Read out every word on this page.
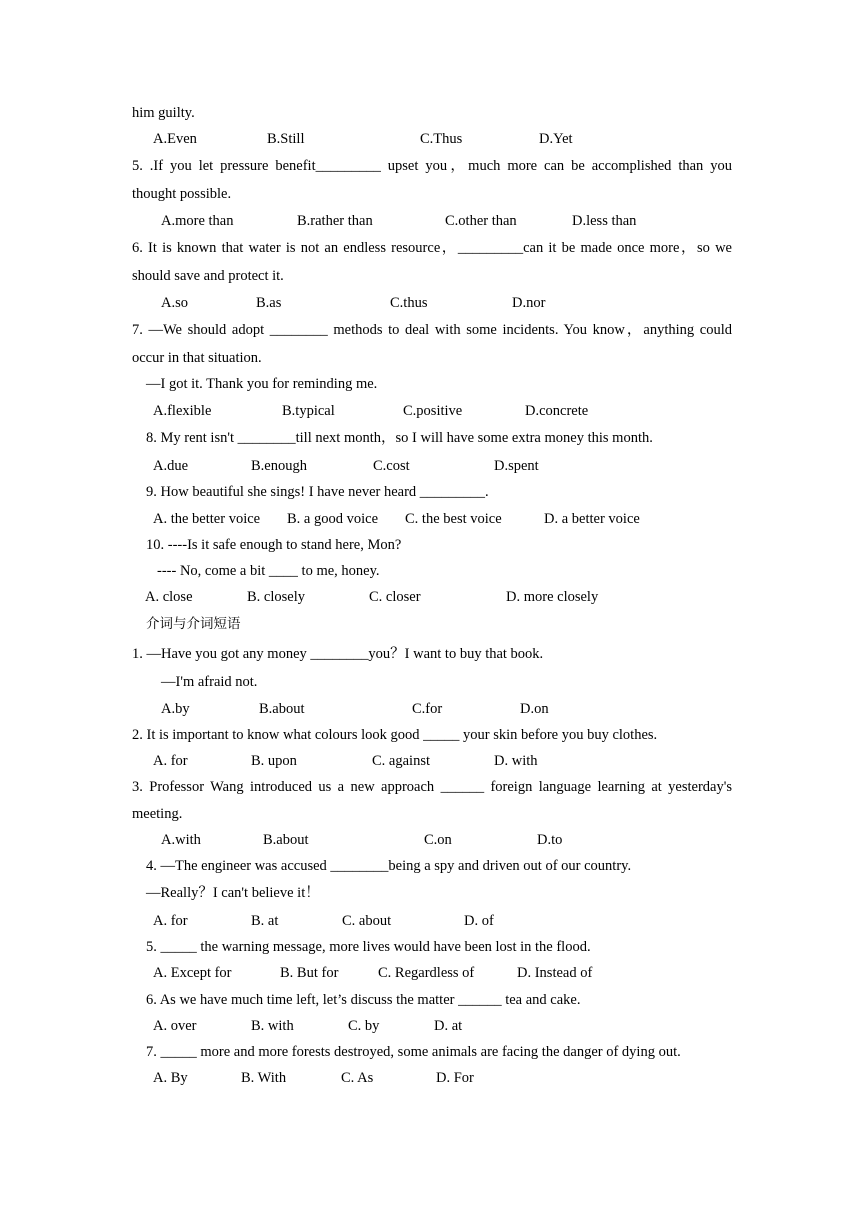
him guilty.
A.Even	B.Still	C.Thus	D.Yet
5. .If you let pressure benefit_________ upset you，much more can be accomplished than you
thought possible.
A.more than	B.rather than	C.other than	D.less than
6. It is known that water is not an endless resource，_________can it be made once more，so we
should save and protect it.
A.so	B.as	C.thus	D.nor
7. —We should adopt ________ methods to deal with some incidents. You know，anything could
occur in that situation.
—I got it. Thank you for reminding me.
A.flexible	B.typical	C.positive	D.concrete
8. My rent isn't ________till next month，so I will have some extra money this month.
A.due	B.enough	C.cost	D.spent
9. How beautiful she sings! I have never heard _________.
A. the better voice B. a good voice C. the best voice	D. a better voice
10. ----Is it safe enough to stand here, Mon?
---- No, come a bit ____ to me, honey.
A. close	B. closely	C. closer	D. more closely
介词与介词短语
1. —Have you got any money ________you？I want to buy that book.
—I'm afraid not.
A.by	B.about	C.for	D.on
2. It is important to know what colours look good _____ your skin before you buy clothes.
A. for	B. upon	C. against	D. with
3. Professor Wang introduced us a new approach ______ foreign language learning at yesterday's
meeting.
A.with	B.about	C.on	D.to
4. —The engineer was accused ________being a spy and driven out of our country.
—Really？I can't believe it！
A. for	B. at	C. about	D. of
5. _____ the warning message, more lives would have been lost in the flood.
A. Except for	B. But for	C. Regardless of	D. Instead of
6. As we have much time left, let’s discuss the matter ______ tea and cake.
A. over	B. with	C. by	D. at
7. _____ more and more forests destroyed, some animals are facing the danger of dying out.
A. By	B. With	C. As	D. For
